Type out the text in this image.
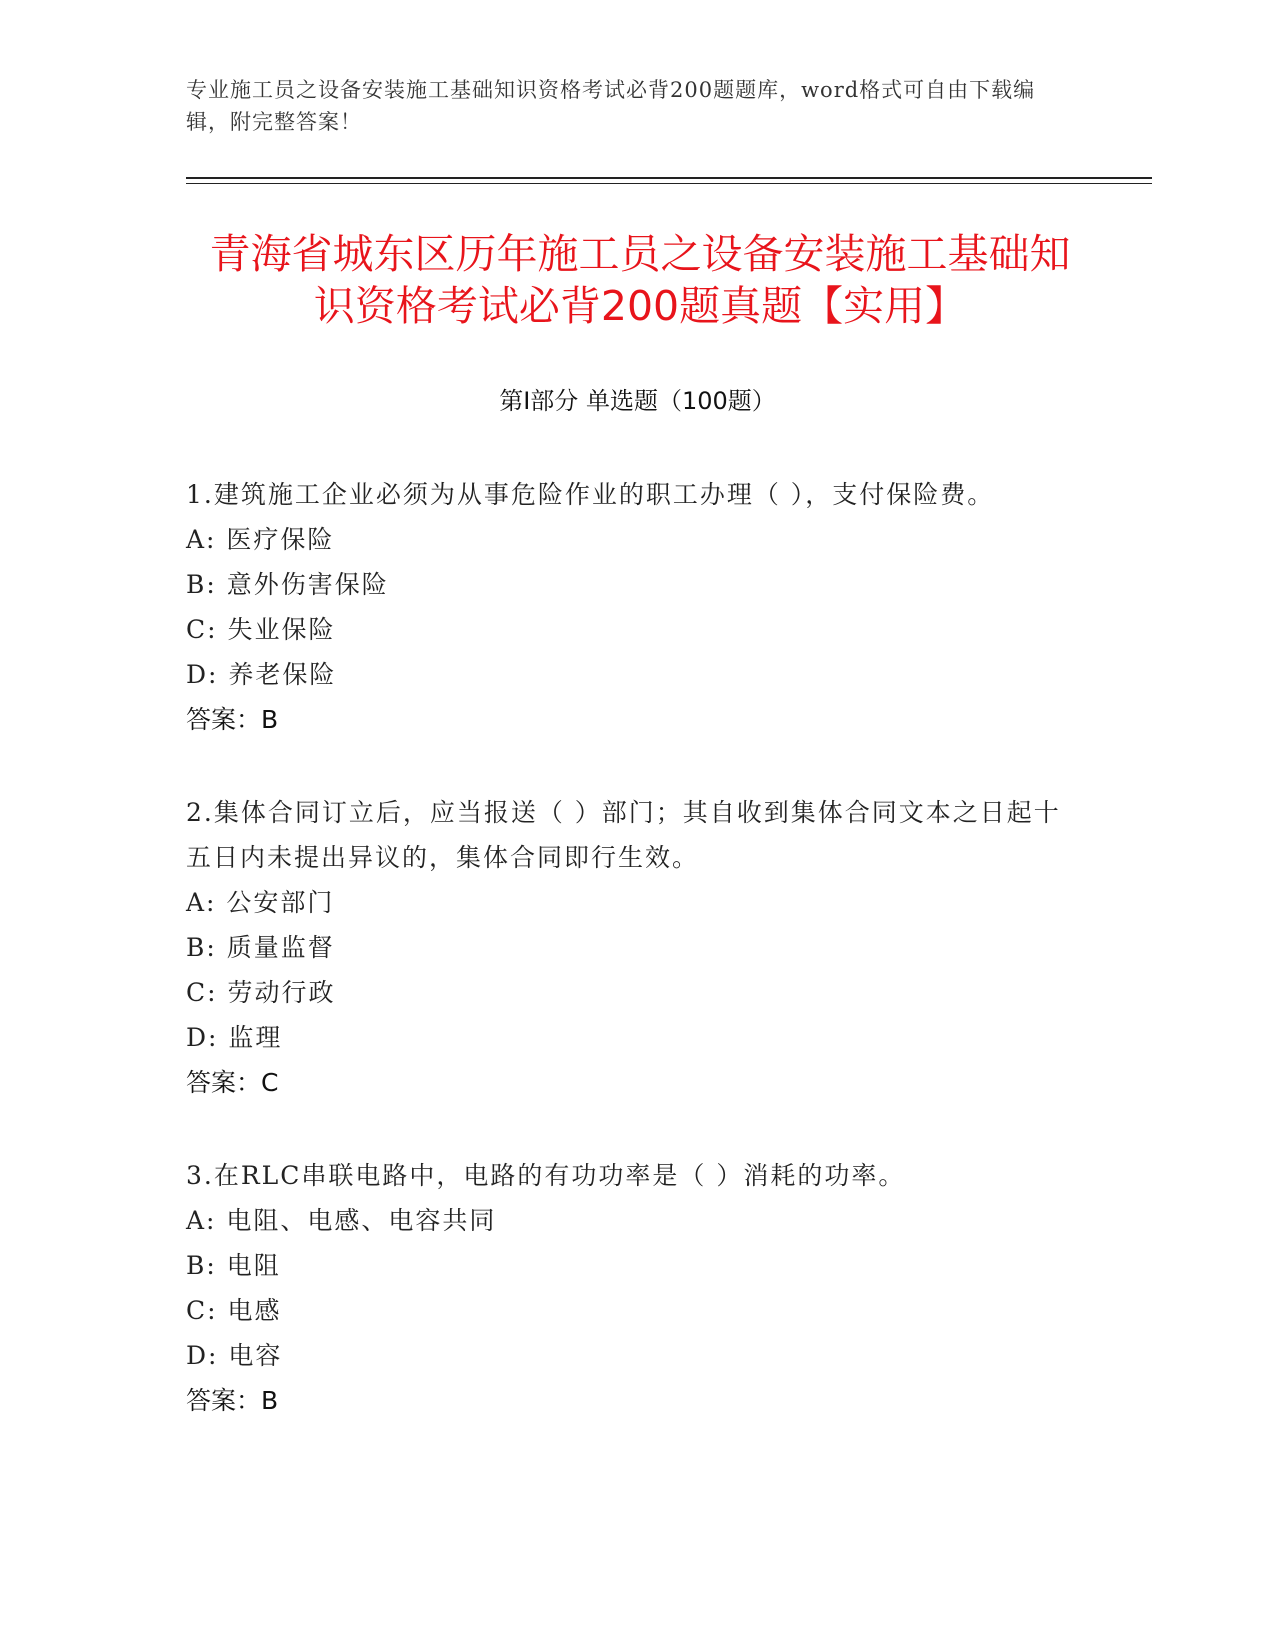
专业施工员之设备安装施工基础知识资格考试必背200题题库，word格式可自由下载编辑，附完整答案！
青海省城东区历年施工员之设备安装施工基础知识资格考试必背200题真题【实用】
第I部分 单选题（100题）

1.建筑施工企业必须为从事危险作业的职工办理（ ），支付保险费。

A: 医疗保险
B: 意外伤害保险
C: 失业保险
D: 养老保险
答案：B

2.集体合同订立后，应当报送（ ）部门；其自收到集体合同文本之日起十五日内未提出异议的，集体合同即行生效。

A: 公安部门
B: 质量监督
C: 劳动行政
D: 监理
答案：C

3.在RLC串联电路中，电路的有功功率是（ ）消耗的功率。

A: 电阻、电感、电容共同
B: 电阻
C: 电感
D: 电容
答案：B
